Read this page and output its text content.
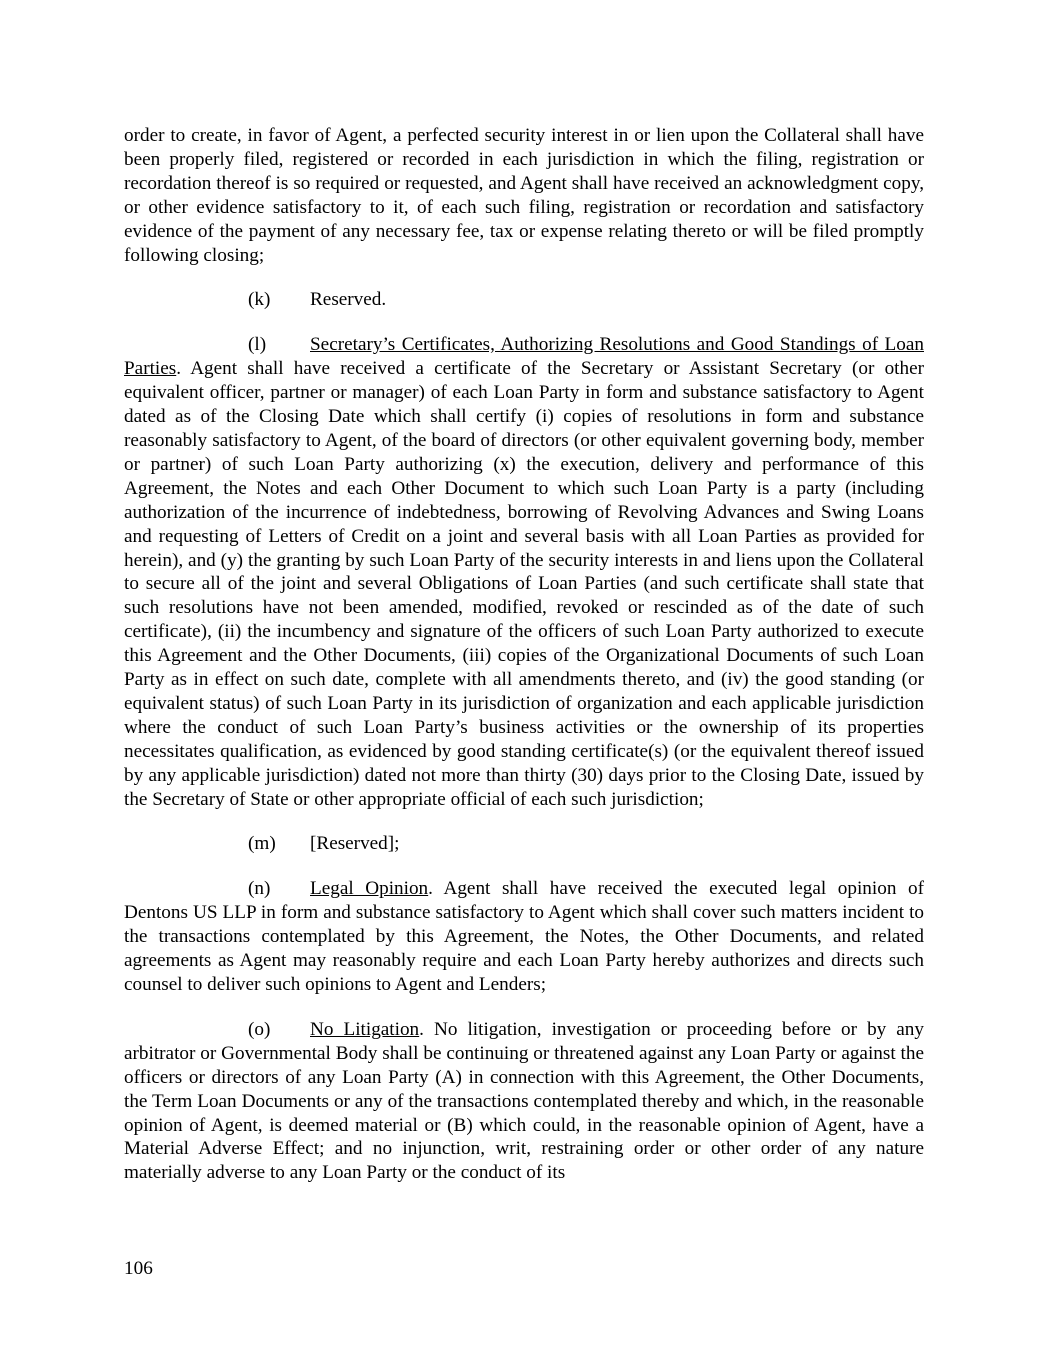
order to create, in favor of Agent, a perfected security interest in or lien upon the Collateral shall have been properly filed, registered or recorded in each jurisdiction in which the filing, registration or recordation thereof is so required or requested, and Agent shall have received an acknowledgment copy, or other evidence satisfactory to it, of each such filing, registration or recordation and satisfactory evidence of the payment of any necessary fee, tax or expense relating thereto or will be filed promptly following closing;

(k) Reserved.

(l) Secretary’s Certificates, Authorizing Resolutions and Good Standings of Loan Parties. Agent shall have received a certificate of the Secretary or Assistant Secretary (or other equivalent officer, partner or manager) of each Loan Party in form and substance satisfactory to Agent dated as of the Closing Date which shall certify (i) copies of resolutions in form and substance reasonably satisfactory to Agent, of the board of directors (or other equivalent governing body, member or partner) of such Loan Party authorizing (x) the execution, delivery and performance of this Agreement, the Notes and each Other Document to which such Loan Party is a party (including authorization of the incurrence of indebtedness, borrowing of Revolving Advances and Swing Loans and requesting of Letters of Credit on a joint and several basis with all Loan Parties as provided for herein), and (y) the granting by such Loan Party of the security interests in and liens upon the Collateral to secure all of the joint and several Obligations of Loan Parties (and such certificate shall state that such resolutions have not been amended, modified, revoked or rescinded as of the date of such certificate), (ii) the incumbency and signature of the officers of such Loan Party authorized to execute this Agreement and the Other Documents, (iii) copies of the Organizational Documents of such Loan Party as in effect on such date, complete with all amendments thereto, and (iv) the good standing (or equivalent status) of such Loan Party in its jurisdiction of organization and each applicable jurisdiction where the conduct of such Loan Party’s business activities or the ownership of its properties necessitates qualification, as evidenced by good standing certificate(s) (or the equivalent thereof issued by any applicable jurisdiction) dated not more than thirty (30) days prior to the Closing Date, issued by the Secretary of State or other appropriate official of each such jurisdiction;

(m) [Reserved];

(n) Legal Opinion. Agent shall have received the executed legal opinion of Dentons US LLP in form and substance satisfactory to Agent which shall cover such matters incident to the transactions contemplated by this Agreement, the Notes, the Other Documents, and related agreements as Agent may reasonably require and each Loan Party hereby authorizes and directs such counsel to deliver such opinions to Agent and Lenders;

(o) No Litigation. No litigation, investigation or proceeding before or by any arbitrator or Governmental Body shall be continuing or threatened against any Loan Party or against the officers or directors of any Loan Party (A) in connection with this Agreement, the Other Documents, the Term Loan Documents or any of the transactions contemplated thereby and which, in the reasonable opinion of Agent, is deemed material or (B) which could, in the reasonable opinion of Agent, have a Material Adverse Effect; and no injunction, writ, restraining order or other order of any nature materially adverse to any Loan Party or the conduct of its

106
